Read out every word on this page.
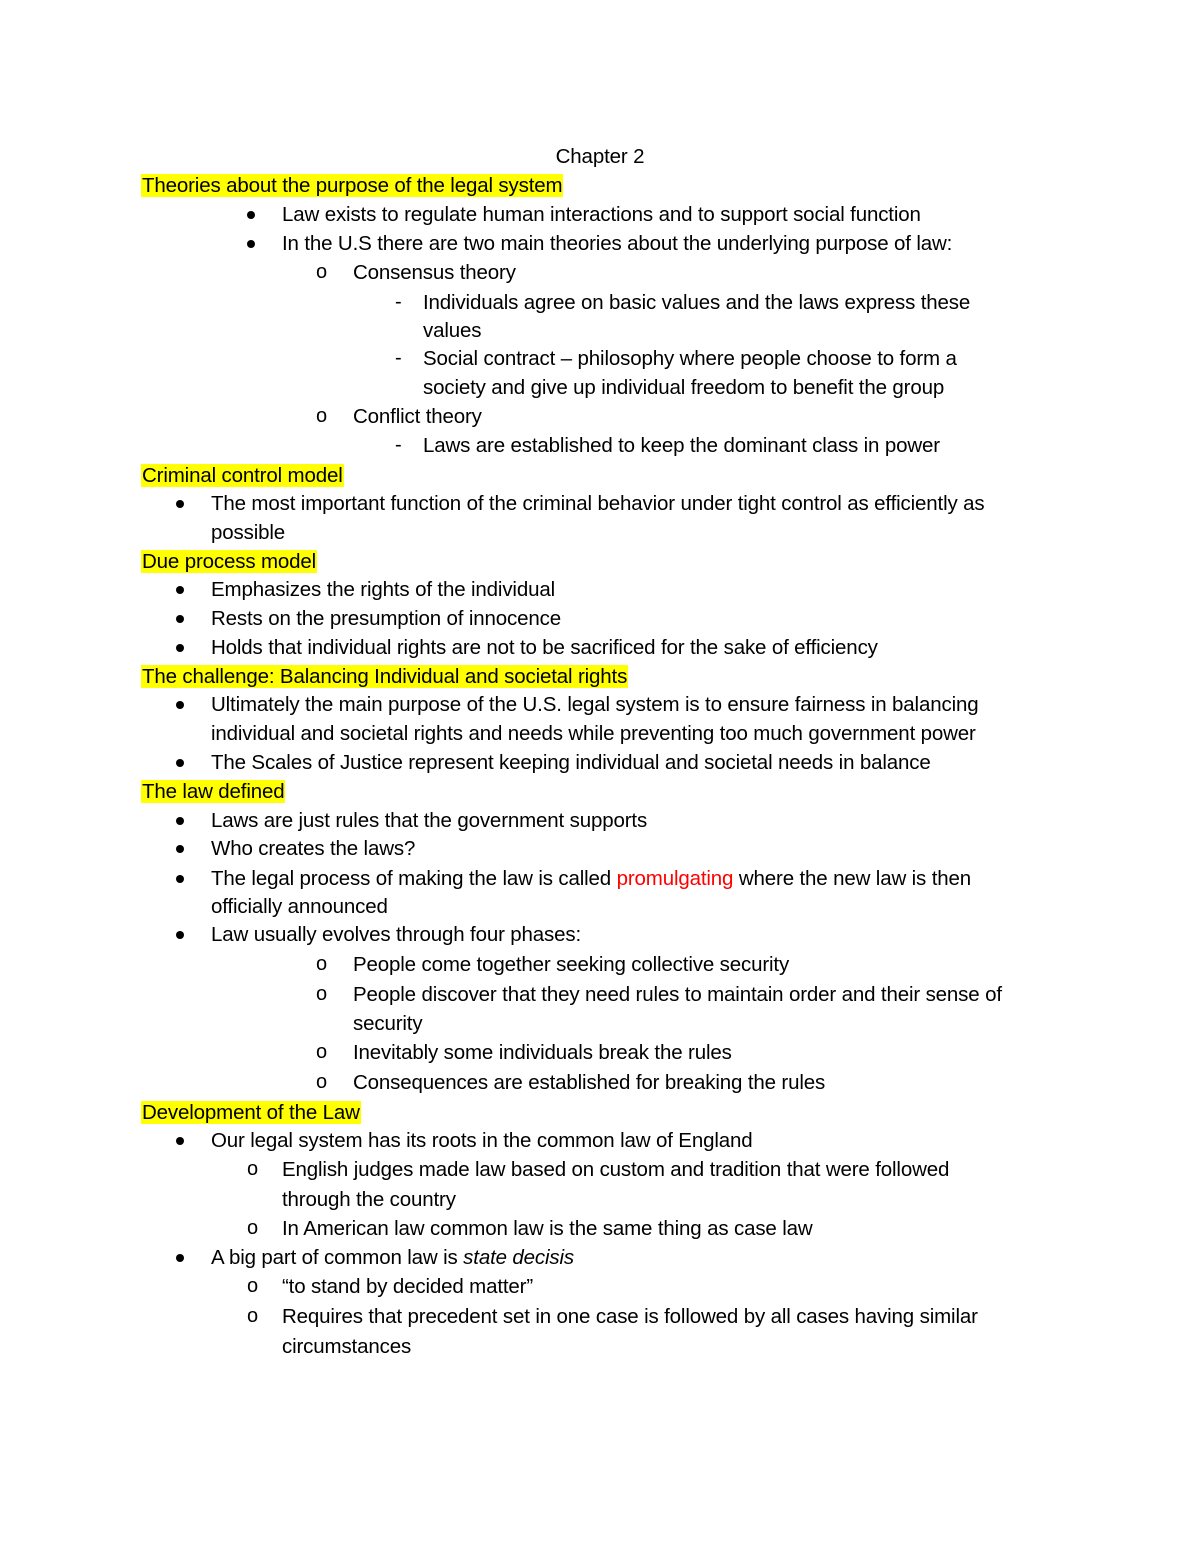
Chapter 2
Theories about the purpose of the legal system
Law exists to regulate human interactions and to support social function
In the U.S there are two main theories about the underlying purpose of law:
o Consensus theory
- Individuals agree on basic values and the laws express these
values
- Social contract – philosophy where people choose to form a
society and give up individual freedom to benefit the group
o Conflict theory
- Laws are established to keep the dominant class in power
Criminal control model
The most important function of the criminal behavior under tight control as efficiently as
possible
Due process model
Emphasizes the rights of the individual
Rests on the presumption of innocence
Holds that individual rights are not to be sacrificed for the sake of efficiency
The challenge: Balancing Individual and societal rights
Ultimately the main purpose of the U.S. legal system is to ensure fairness in balancing
individual and societal rights and needs while preventing too much government power
The Scales of Justice represent keeping individual and societal needs in balance
The law defined
Laws are just rules that the government supports
Who creates the laws?
The legal process of making the law is called promulgating where the new law is then
officially announced
Law usually evolves through four phases:
o People come together seeking collective security
o People discover that they need rules to maintain order and their sense of
security
o Inevitably some individuals break the rules
o Consequences are established for breaking the rules
Development of the Law
Our legal system has its roots in the common law of England
o English judges made law based on custom and tradition that were followed
through the country
o In American law common law is the same thing as case law
A big part of common law is state decisis
o “to stand by decided matter”
o Requires that precedent set in one case is followed by all cases having similar
circumstances
